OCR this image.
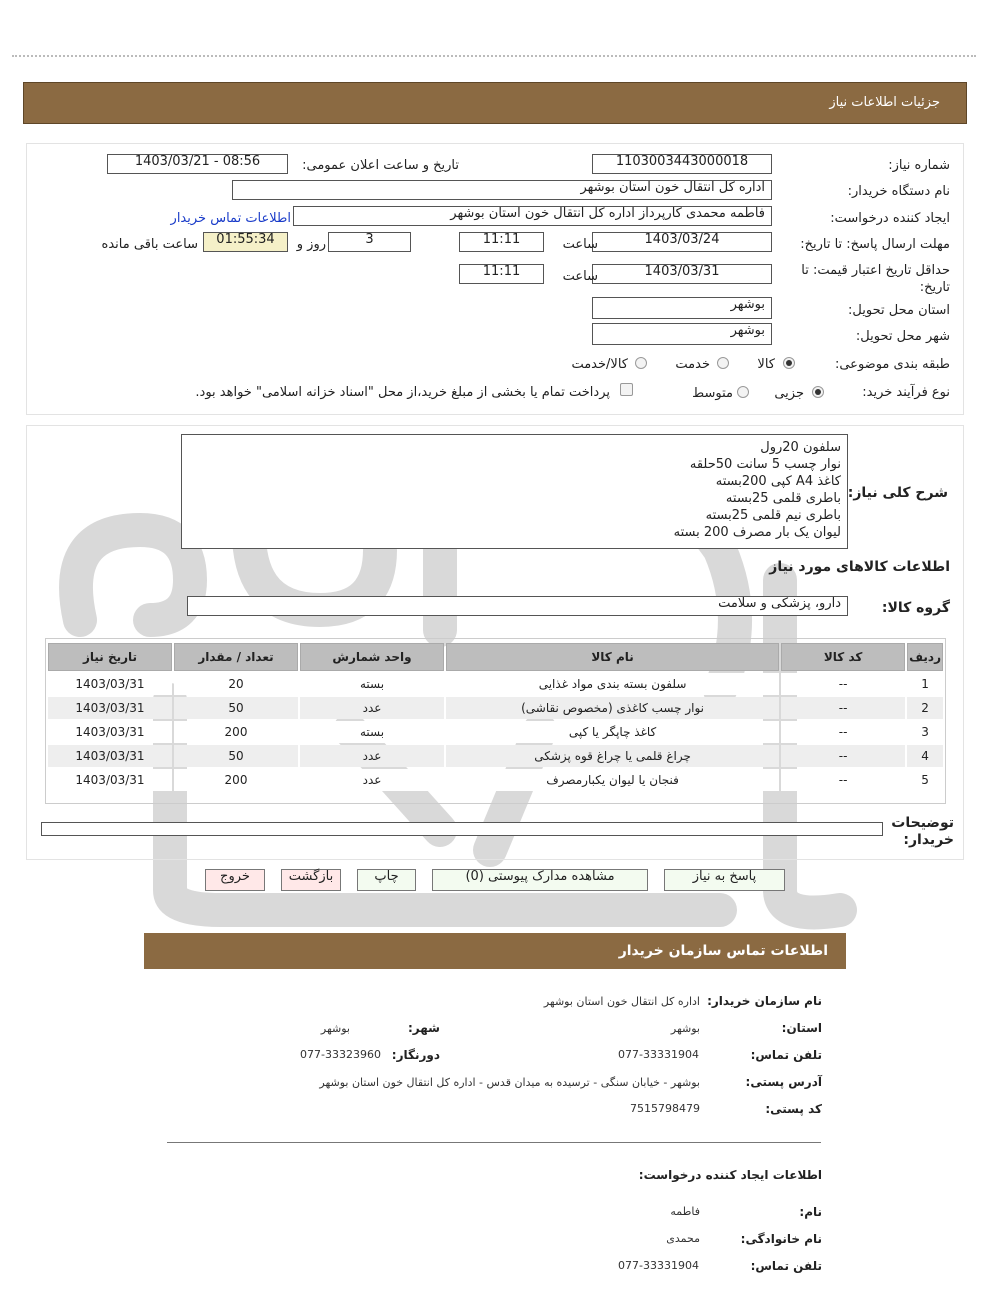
جزئیات اطلاعات نیاز
شماره نیاز:
1103003443000018
تاریخ و ساعت اعلان عمومی:
1403/03/21 - 08:56
نام دستگاه خریدار:
اداره کل انتقال خون استان بوشهر
ایجاد کننده درخواست:
فاطمه محمدی کارپرداز اداره کل انتقال خون استان بوشهر
اطلاعات تماس خریدار
مهلت ارسال پاسخ: تا تاریخ:
1403/03/24
ساعت
11:11
3
روز و
01:55:34
ساعت باقی مانده
حداقل تاریخ اعتبار قیمت: تا تاریخ:
1403/03/31
ساعت
11:11
استان محل تحویل:
بوشهر
شهر محل تحویل:
بوشهر
طبقه بندی موضوعی:
کالا
خدمت
کالا/خدمت
نوع فرآیند خرید:
جزیی
متوسط
پرداخت تمام یا بخشی از مبلغ خرید،از محل "اسناد خزانه اسلامی" خواهد بود.
شرح کلی نیاز:
سلفون 20رول
نوار چسب 5 سانت 50حلقه
کاغذ A4 کپی 200بسته
باطری قلمی 25بسته
باطری نیم قلمی 25بسته
لیوان یک بار مصرف 200 بسته
اطلاعات کالاهای مورد نیاز
گروه کالا:
دارو، پزشکی و سلامت
ردیف	کد کالا	نام کالا	واحد شمارش	تعداد / مقدار	تاریخ نیاز
1	--	سلفون بسته بندی مواد غذایی	بسته	20	1403/03/31
2	--	نوار چسب کاغذی (مخصوص نقاشی)	عدد	50	1403/03/31
3	--	کاغذ چاپگر یا کپی	بسته	200	1403/03/31
4	--	چراغ قلمی یا چراغ قوه پزشکی	عدد	50	1403/03/31
5	--	فنجان یا لیوان یکبارمصرف	عدد	200	1403/03/31
توضیحات خریدار:
پاسخ به نیاز
مشاهده مدارک پیوستی (0)
چاپ
بازگشت
خروج
اطلاعات تماس سازمان خریدار
نام سازمان خریدار:
اداره کل انتقال خون استان بوشهر
استان:
بوشهر
شهر:
بوشهر
تلفن تماس:
077-33331904
دورنگار:
077-33323960
آدرس پستی:
بوشهر - خیابان سنگی - ترسیده به میدان قدس - اداره کل انتقال خون استان بوشهر
کد پستی:
7515798479
اطلاعات ایجاد کننده درخواست:
نام:
فاطمه
نام خانوادگی:
محمدی
تلفن تماس:
077-33331904
